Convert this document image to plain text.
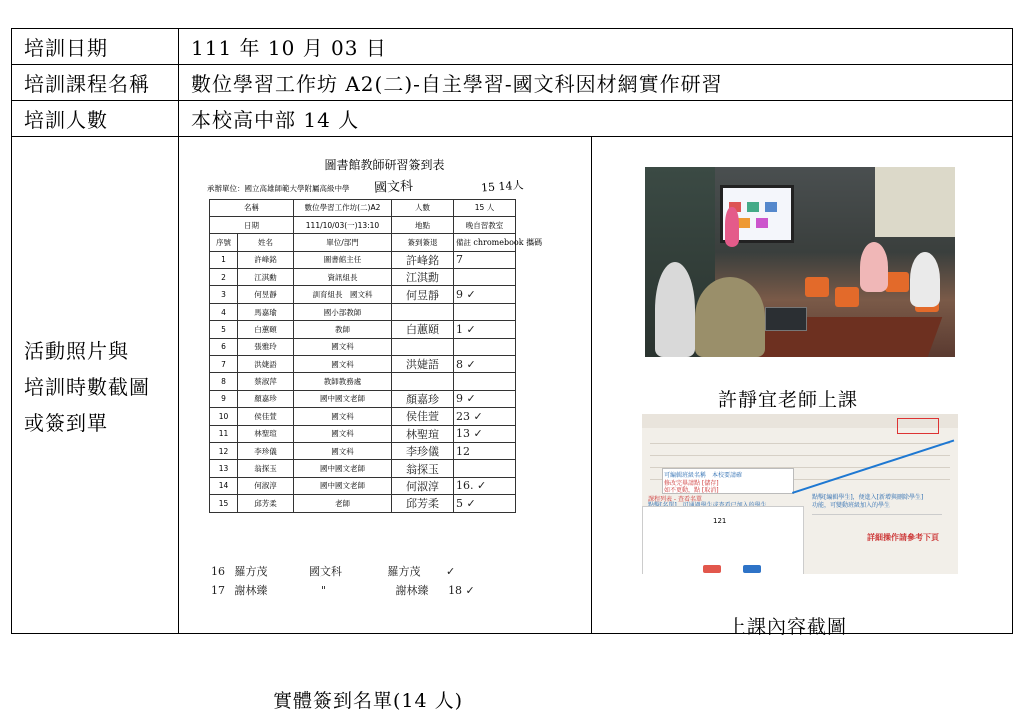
培訓日期	111 年 10 月 03 日
培訓課程名稱	數位學習工作坊 A2(二)-自主學習-國文科因材網實作研習
培訓人數	本校高中部 14 人

活動照片與
培訓時數截圖
或簽到單

圖書館教師研習簽到表
承辦單位：國立高雄師範大學附屬高級中學 國文科	15 14人
名稱	數位學習工作坊(二)A2	人數	15 人
日期	111/10/03(一)13:10	地點	晚自習教室
序號	姓名	單位/部門	簽到簽退	備註 chromebook 攜碼
1	許峰銘	圖書館主任	許峰銘	7
2	江淇勳	資訊組長	江淇勳	
3	何昱靜	訓育組長　國文科	何昱靜	9 ✓
4	馬嘉瑜	國小部教師		
5	白蕙頤	教師	白蕙頤	1 ✓
6	張雅玲	國文科		
7	洪婕語	國文科	洪婕語	8 ✓
8	蔡淑萍	教師教務處		
9	顏嘉珍	國中國文老師	顏嘉珍	9 ✓
10	侯佳萱	國文科	侯佳萱	23 ✓
11	林聖瑄	國文科	林聖瑄	13 ✓
12	李珍儀	國文科	李珍儀	12
13	翁探玉	國中國文老師	翁探玉	
14	何淑淳	國中國文老師	何淑淳	16. ✓
15	邱芳柔	老師	邱芳柔	5 ✓
16 羅方茂	國文科	羅方茂 ✓
17 謝林臻	"	謝林臻 18 ✓
實體簽到名單(14 人)

許靜宜老師上課
可編輯班級名稱　本校要請確
修改完畢請點 [儲存]
如不更動，點 [取消]
點擊[編輯學生]，便進入[新增與刪除學生]
功能，可變動班級加入的學生
課程列表 - 查看名單
121
詳細操作請參考下頁
上課內容截圖
